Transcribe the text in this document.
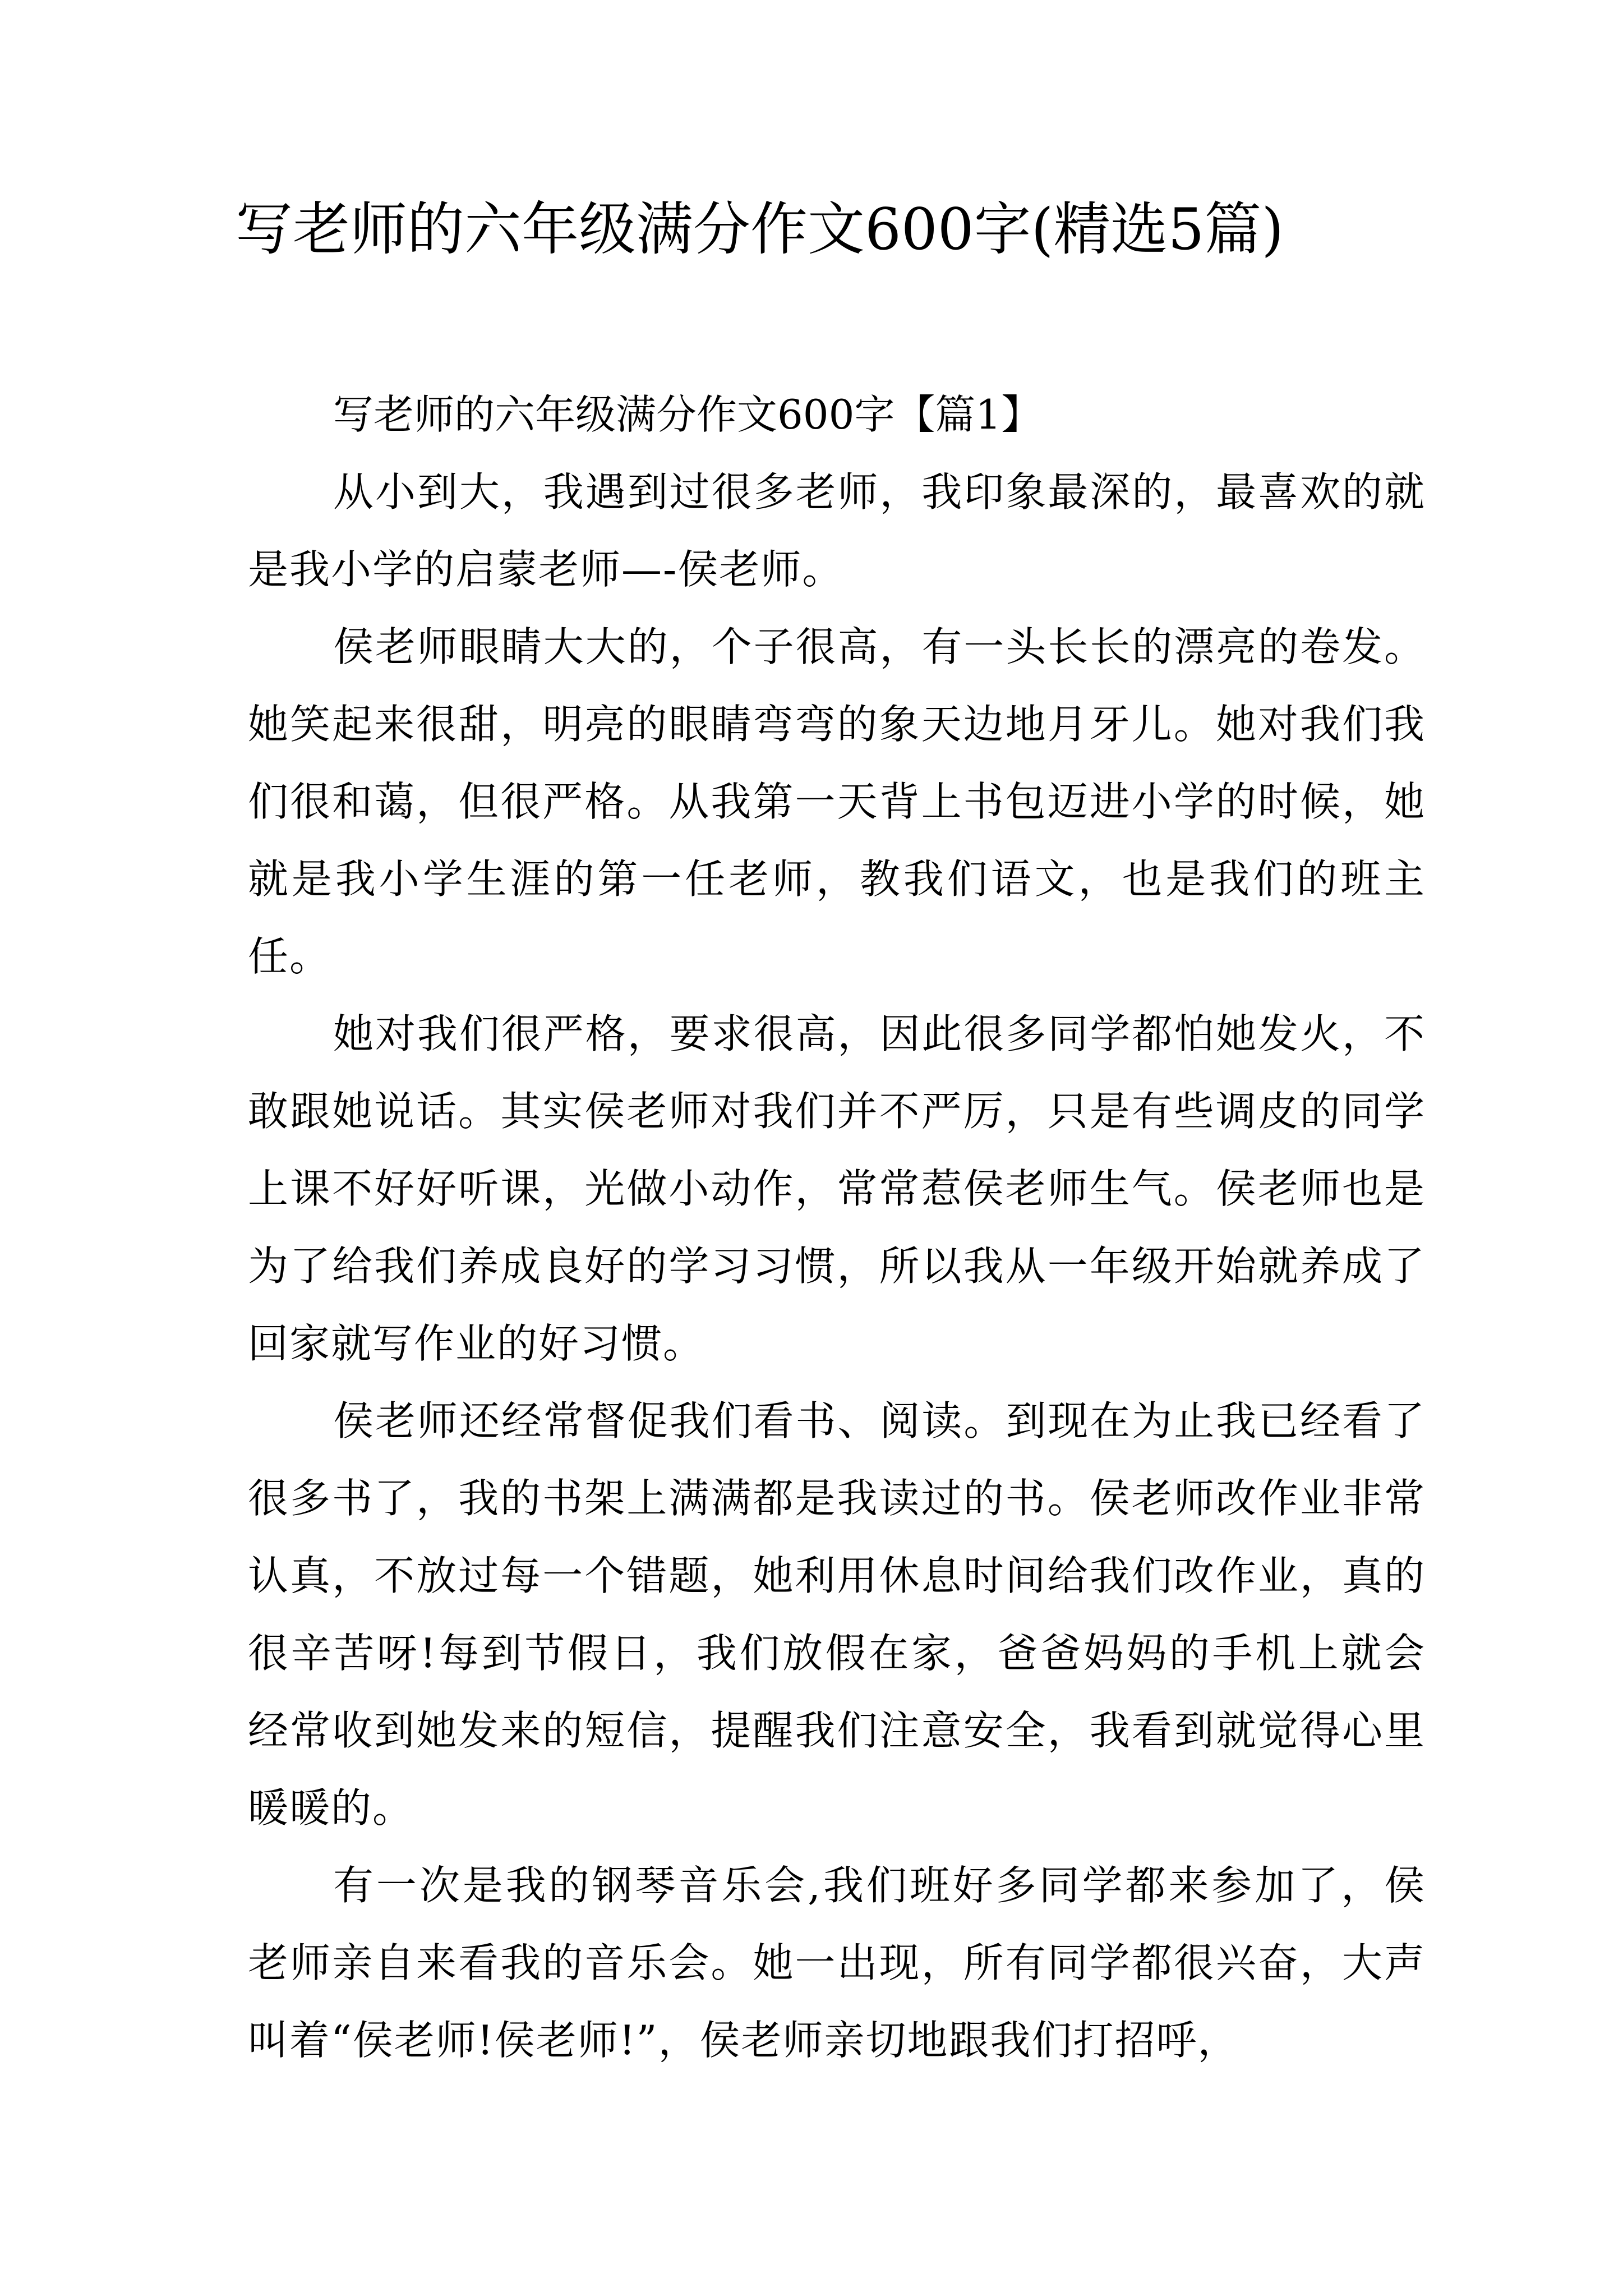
写老师的六年级满分作文600字(精选5篇)

写老师的六年级满分作文600字【篇1】

从小到大，我遇到过很多老师，我印象最深的，最喜欢的就是我小学的启蒙老师—-侯老师。

侯老师眼睛大大的，个子很高，有一头长长的漂亮的卷发。她笑起来很甜，明亮的眼睛弯弯的象天边地月牙儿。她对我们我们很和蔼，但很严格。从我第一天背上书包迈进小学的时候，她就是我小学生涯的第一任老师，教我们语文，也是我们的班主任。

她对我们很严格，要求很高，因此很多同学都怕她发火，不敢跟她说话。其实侯老师对我们并不严厉，只是有些调皮的同学上课不好好听课，光做小动作，常常惹侯老师生气。侯老师也是为了给我们养成良好的学习习惯，所以我从一年级开始就养成了回家就写作业的好习惯。

侯老师还经常督促我们看书、阅读。到现在为止我已经看了很多书了，我的书架上满满都是我读过的书。侯老师改作业非常认真，不放过每一个错题，她利用休息时间给我们改作业，真的很辛苦呀!每到节假日，我们放假在家，爸爸妈妈的手机上就会经常收到她发来的短信，提醒我们注意安全，我看到就觉得心里暖暖的。

有一次是我的钢琴音乐会,我们班好多同学都来参加了，侯老师亲自来看我的音乐会。她一出现，所有同学都很兴奋，大声叫着“侯老师!侯老师!”，侯老师亲切地跟我们打招呼，
